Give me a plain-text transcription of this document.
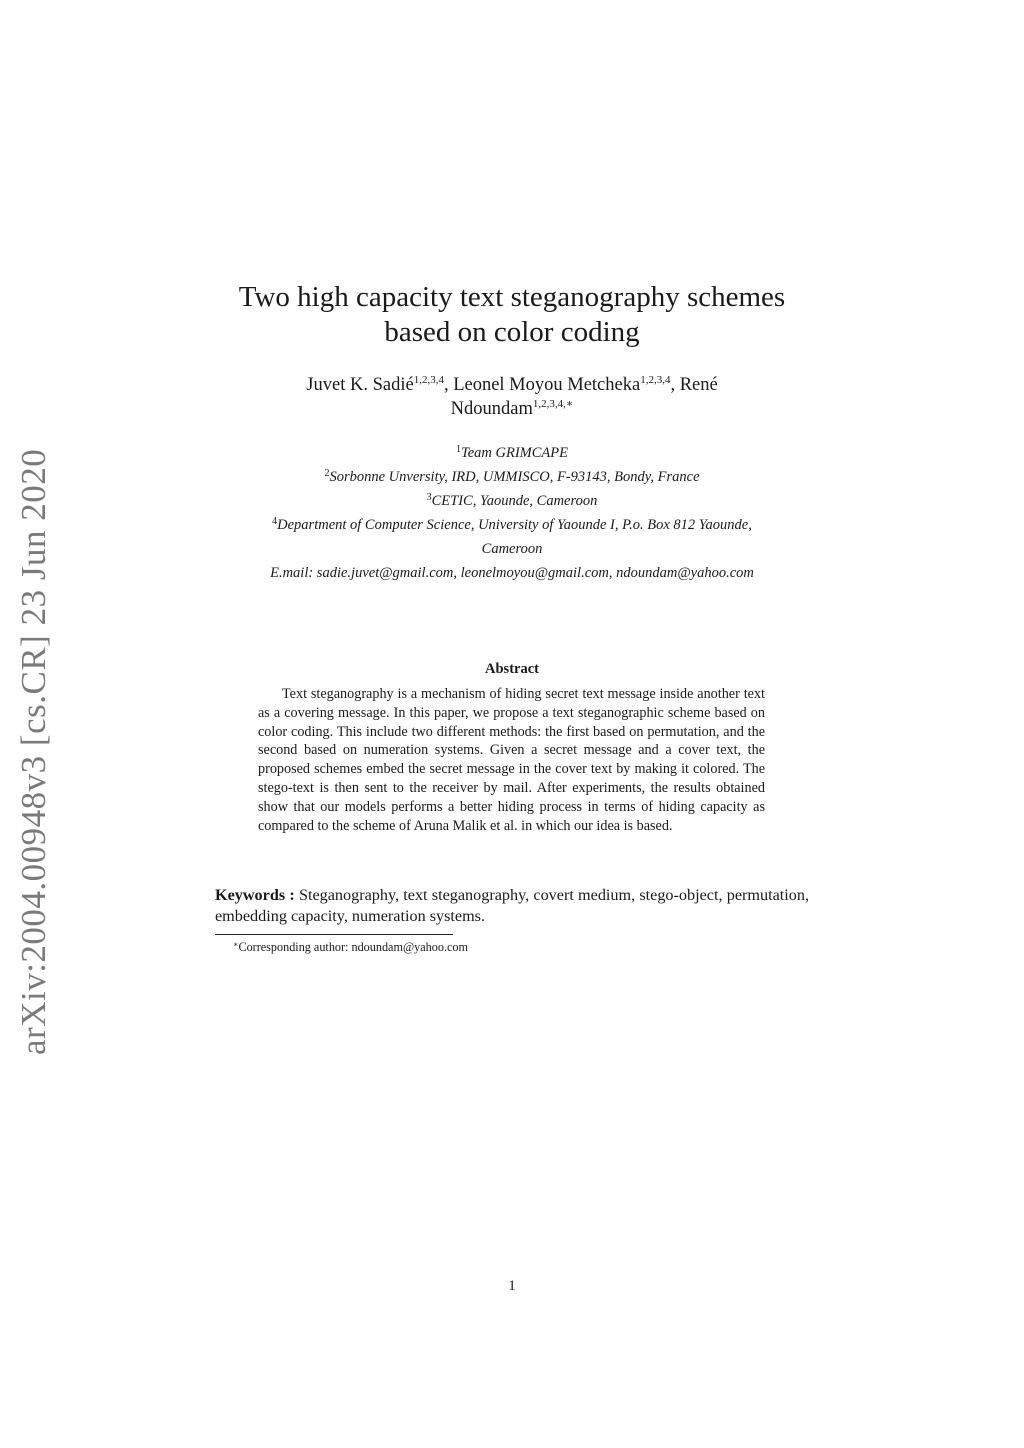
arXiv:2004.00948v3 [cs.CR] 23 Jun 2020
Two high capacity text steganography schemes
based on color coding
Juvet K. Sadié$^{1,2,3,4}$, Leonel Moyou Metcheka$^{1,2,3,4}$, René
Ndoundam$^{1,2,3,4,∗}$
$^1$Team GRIMCAPE
$^2$Sorbonne Unversity, IRD, UMMISCO, F-93143, Bondy, France
$^3$CETIC, Yaounde, Cameroon
$^4$Department of Computer Science, University of Yaounde I, P.o. Box 812 Yaounde,
Cameroon
E.mail: sadie.juvet@gmail.com, leonelmoyou@gmail.com, ndoundam@yahoo.com
Abstract
Text steganography is a mechanism of hiding secret text message inside another text as a covering message. In this paper, we propose a text steganographic scheme based on color coding. This include two different methods: the first based on permutation, and the second based on numeration systems. Given a secret message and a cover text, the proposed schemes embed the secret message in the cover text by making it colored. The stego-text is then sent to the receiver by mail. After experiments, the results obtained show that our models performs a better hiding process in terms of hiding capacity as compared to the scheme of Aruna Malik et al. in which our idea is based.
Keywords : Steganography, text steganography, covert medium, stego-object, permutation, embedding capacity, numeration systems.
∗Corresponding author: ndoundam@yahoo.com
1
